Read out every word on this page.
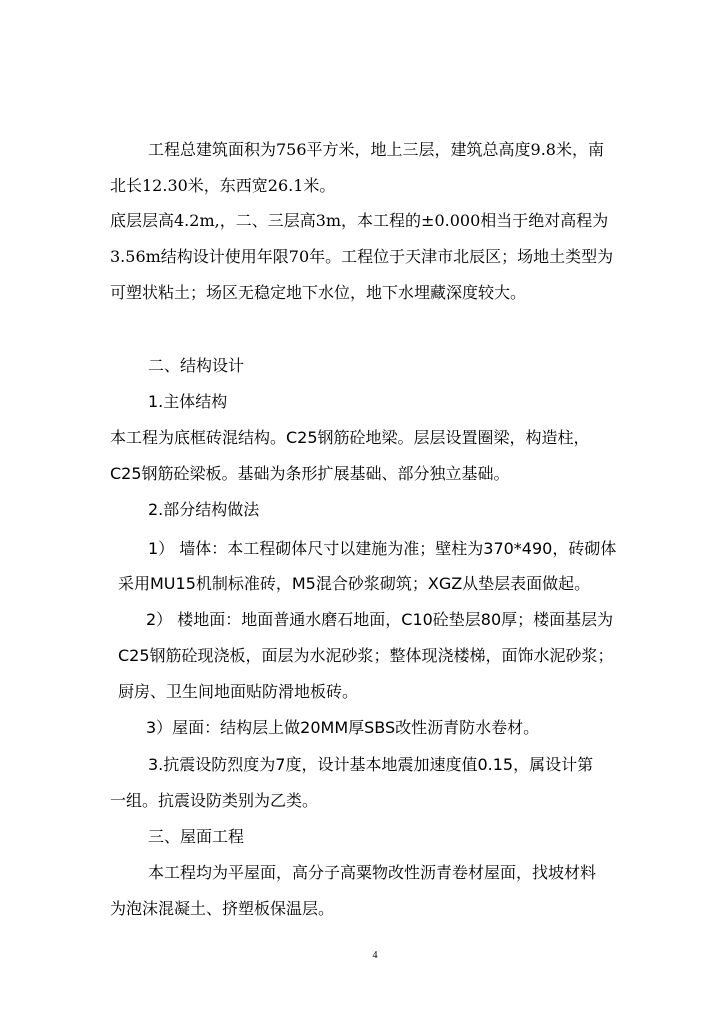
工程总建筑面积为756平方米，地上三层，建筑总高度9.8米，南
北长12.30米，东西宽26.1米。
底层层高4.2m,，二、三层高3m，本工程的±0.000相当于绝对高程为
3.56m结构设计使用年限70年。工程位于天津市北辰区；场地土类型为
可塑状粘土；场区无稳定地下水位，地下水埋藏深度较大。
二、结构设计
1.主体结构
本工程为底框砖混结构。C25钢筋砼地梁。层层设置圈梁，构造柱，
C25钢筋砼梁板。基础为条形扩展基础、部分独立基础。
2.部分结构做法
1） 墙体：本工程砌体尺寸以建施为准；壁柱为370*490，砖砌体
采用MU15机制标准砖，M5混合砂浆砌筑；XGZ从垫层表面做起。
2） 楼地面：地面普通水磨石地面，C10砼垫层80厚；楼面基层为
C25钢筋砼现浇板，面层为水泥砂浆；整体现浇楼梯，面饰水泥砂浆；
厨房、卫生间地面贴防滑地板砖。
3）屋面：结构层上做20MM厚SBS改性沥青防水卷材。
3.抗震设防烈度为7度，设计基本地震加速度值0.15，属设计第
一组。抗震设防类别为乙类。
三、屋面工程
本工程均为平屋面，高分子高粟物改性沥青卷材屋面，找坡材料
为泡沫混凝土、挤塑板保温层。
4
